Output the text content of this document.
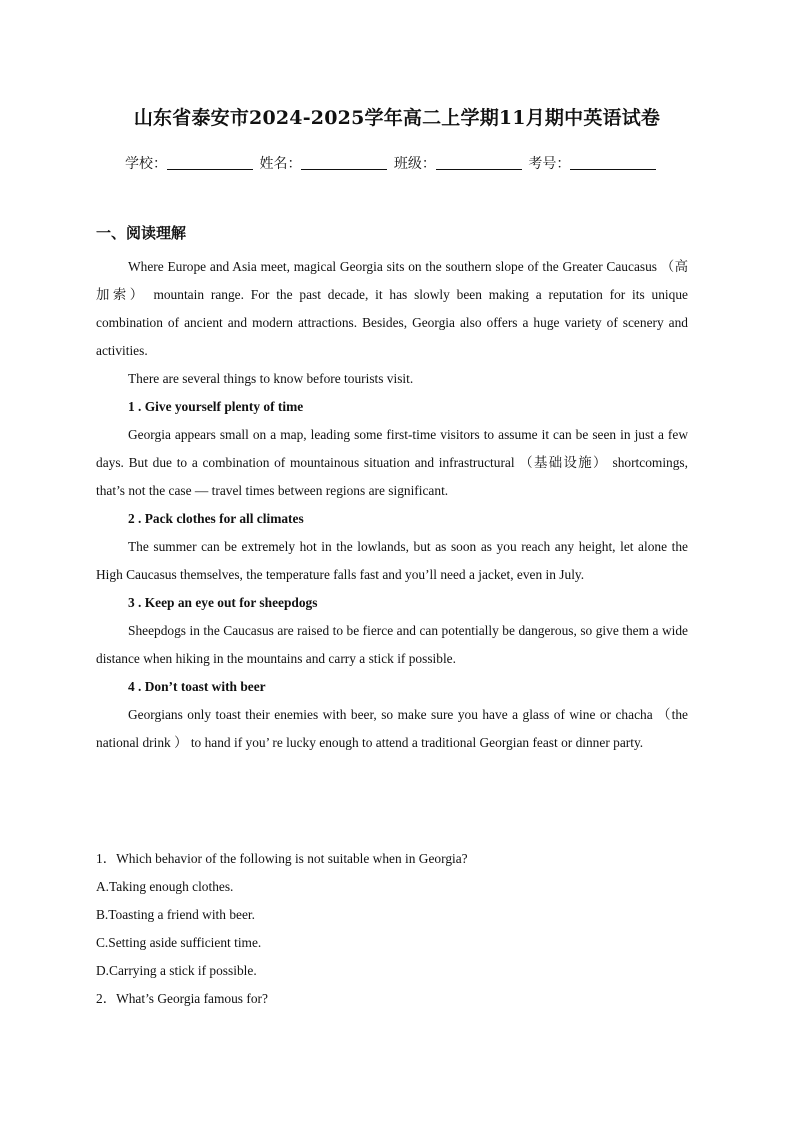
山东省泰安市2024-2025学年高二上学期11月期中英语试卷
学校：	姓名：	班级：	考号：
一、阅读理解

Where Europe and Asia meet, magical Georgia sits on the southern slope of the Greater Caucasus （高加索） mountain range. For the past decade, it has slowly been making a reputation for its unique combination of ancient and modern attractions. Besides, Georgia also offers a huge variety of scenery and activities.

There are several things to know before tourists visit.

1 . Give yourself plenty of time

Georgia appears small on a map, leading some first-time visitors to assume it can be seen in just a few days. But due to a combination of mountainous situation and infrastructural （基础设施） shortcomings, that’s not the case — travel times between regions are significant.

2 . Pack clothes for all climates

The summer can be extremely hot in the lowlands, but as soon as you reach any height, let alone the High Caucasus themselves, the temperature falls fast and you’ll need a jacket, even in July.

3 . Keep an eye out for sheepdogs

Sheepdogs in the Caucasus are raised to be fierce and can potentially be dangerous, so give them a wide distance when hiking in the mountains and carry a stick if possible.

4 . Don’t toast with beer

Georgians only toast their enemies with beer, so make sure you have a glass of wine or chacha （the national drink ） to hand if you’ re lucky enough to attend a traditional Georgian feast or dinner party.

1．Which behavior of the following is not suitable when in Georgia?

A.Taking enough clothes.

B.Toasting a friend with beer.

C.Setting aside sufficient time.

D.Carrying a stick if possible.

2．What’s Georgia famous for?
